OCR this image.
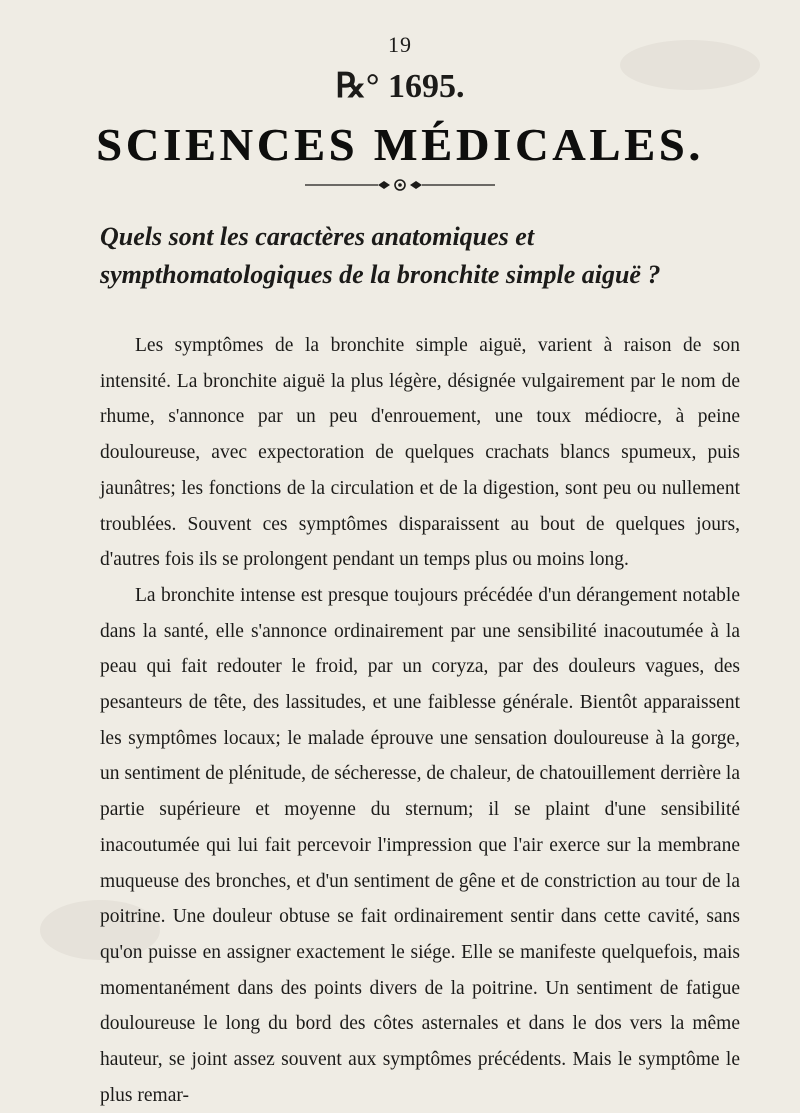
19
℞° 1695.
SCIENCES MÉDICALES.
Quels sont les caractères anatomiques et sympthomatologiques de la bronchite simple aiguë ?

Les symptômes de la bronchite simple aiguë, varient à raison de son intensité. La bronchite aiguë la plus légère, désignée vulgairement par le nom de rhume, s'annonce par un peu d'enrouement, une toux médiocre, à peine douloureuse, avec expectoration de quelques crachats blancs spumeux, puis jaunâtres; les fonctions de la circulation et de la digestion, sont peu ou nullement troublées. Souvent ces symptômes disparaissent au bout de quelques jours, d'autres fois ils se prolongent pendant un temps plus ou moins long.

La bronchite intense est presque toujours précédée d'un dérangement notable dans la santé, elle s'annonce ordinairement par une sensibilité inacoutumée à la peau qui fait redouter le froid, par un coryza, par des douleurs vagues, des pesanteurs de tête, des lassitudes, et une faiblesse générale. Bientôt apparaissent les symptômes locaux; le malade éprouve une sensation douloureuse à la gorge, un sentiment de plénitude, de sécheresse, de chaleur, de chatouillement derrière la partie supérieure et moyenne du sternum; il se plaint d'une sensibilité inacoutumée qui lui fait percevoir l'impression que l'air exerce sur la membrane muqueuse des bronches, et d'un sentiment de gêne et de constriction au tour de la poitrine. Une douleur obtuse se fait ordinairement sentir dans cette cavité, sans qu'on puisse en assigner exactement le siége. Elle se manifeste quelquefois, mais momentanément dans des points divers de la poitrine. Un sentiment de fatigue douloureuse le long du bord des côtes asternales et dans le dos vers la même hauteur, se joint assez souvent aux symptômes précédents. Mais le symptôme le plus remar-
